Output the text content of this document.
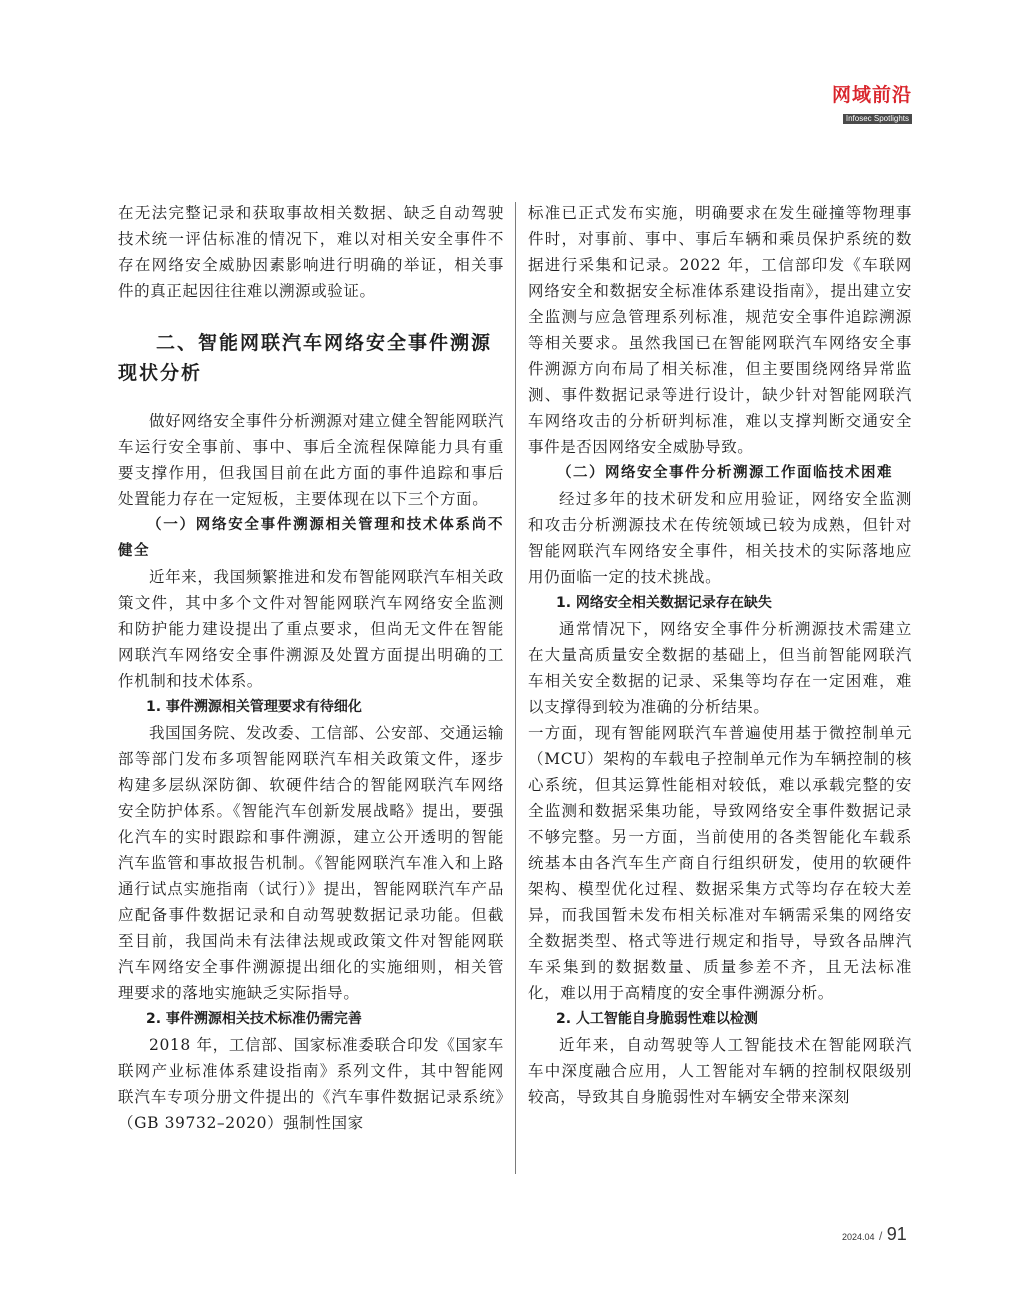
网域前沿
Infosec Spotlights

在无法完整记录和获取事故相关数据、缺乏自动驾驶技术统一评估标准的情况下，难以对相关安全事件不存在网络安全威胁因素影响进行明确的举证，相关事件的真正起因往往难以溯源或验证。

二、智能网联汽车网络安全事件溯源现状分析

做好网络安全事件分析溯源对建立健全智能网联汽车运行安全事前、事中、事后全流程保障能力具有重要支撑作用，但我国目前在此方面的事件追踪和事后处置能力存在一定短板，主要体现在以下三个方面。

（一）网络安全事件溯源相关管理和技术体系尚不健全

近年来，我国频繁推进和发布智能网联汽车相关政策文件，其中多个文件对智能网联汽车网络安全监测和防护能力建设提出了重点要求，但尚无文件在智能网联汽车网络安全事件溯源及处置方面提出明确的工作机制和技术体系。

1. 事件溯源相关管理要求有待细化

我国国务院、发改委、工信部、公安部、交通运输部等部门发布多项智能网联汽车相关政策文件，逐步构建多层纵深防御、软硬件结合的智能网联汽车网络安全防护体系。《智能汽车创新发展战略》提出，要强化汽车的实时跟踪和事件溯源，建立公开透明的智能汽车监管和事故报告机制。《智能网联汽车准入和上路通行试点实施指南（试行）》提出，智能网联汽车产品应配备事件数据记录和自动驾驶数据记录功能。但截至目前，我国尚未有法律法规或政策文件对智能网联汽车网络安全事件溯源提出细化的实施细则，相关管理要求的落地实施缺乏实际指导。

2. 事件溯源相关技术标准仍需完善

2018 年，工信部、国家标准委联合印发《国家车联网产业标准体系建设指南》系列文件，其中智能网联汽车专项分册文件提出的《汽车事件数据记录系统》（GB 39732–2020）强制性国家

标准已正式发布实施，明确要求在发生碰撞等物理事件时，对事前、事中、事后车辆和乘员保护系统的数据进行采集和记录。2022 年，工信部印发《车联网网络安全和数据安全标准体系建设指南》，提出建立安全监测与应急管理系列标准，规范安全事件追踪溯源等相关要求。虽然我国已在智能网联汽车网络安全事件溯源方向布局了相关标准，但主要围绕网络异常监测、事件数据记录等进行设计，缺少针对智能网联汽车网络攻击的分析研判标准，难以支撑判断交通安全事件是否因网络安全威胁导致。

（二）网络安全事件分析溯源工作面临技术困难

经过多年的技术研发和应用验证，网络安全监测和攻击分析溯源技术在传统领域已较为成熟，但针对智能网联汽车网络安全事件，相关技术的实际落地应用仍面临一定的技术挑战。

1. 网络安全相关数据记录存在缺失

通常情况下，网络安全事件分析溯源技术需建立在大量高质量安全数据的基础上，但当前智能网联汽车相关安全数据的记录、采集等均存在一定困难，难以支撑得到较为准确的分析结果。

一方面，现有智能网联汽车普遍使用基于微控制单元（MCU）架构的车载电子控制单元作为车辆控制的核心系统，但其运算性能相对较低，难以承载完整的安全监测和数据采集功能，导致网络安全事件数据记录不够完整。另一方面，当前使用的各类智能化车载系统基本由各汽车生产商自行组织研发，使用的软硬件架构、模型优化过程、数据采集方式等均存在较大差异，而我国暂未发布相关标准对车辆需采集的网络安全数据类型、格式等进行规定和指导，导致各品牌汽车采集到的数据数量、质量参差不齐，且无法标准化，难以用于高精度的安全事件溯源分析。

2. 人工智能自身脆弱性难以检测

近年来，自动驾驶等人工智能技术在智能网联汽车中深度融合应用，人工智能对车辆的控制权限级别较高，导致其自身脆弱性对车辆安全带来深刻

2024.04 / 91
